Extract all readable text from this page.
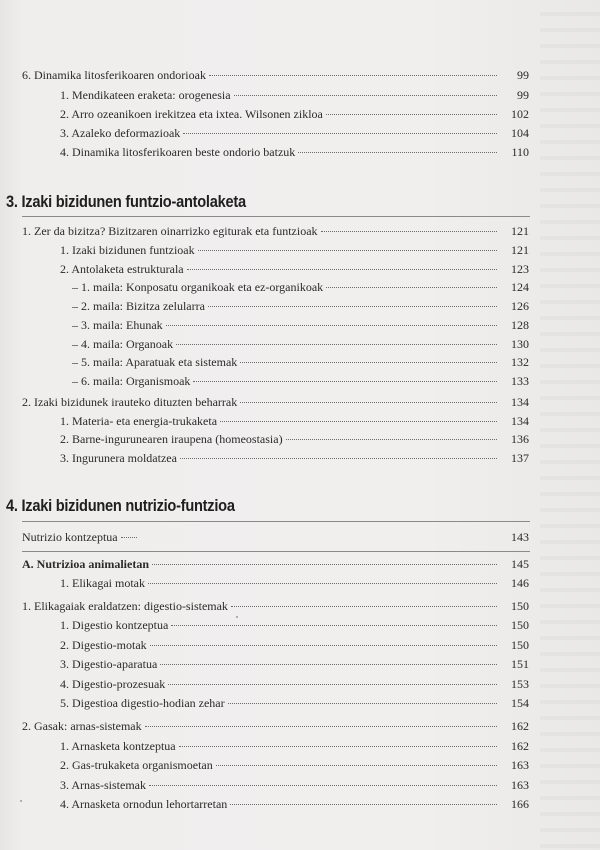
6. Dinamika litosferikoaren ondorioak	99
1. Mendikateen eraketa: orogenesia	99
2. Arro ozeanikoen irekitzea eta ixtea. Wilsonen zikloa	102
3. Azaleko deformazioak	104
4. Dinamika litosferikoaren beste ondorio batzuk	110
3. Izaki bizidunen funtzio-antolaketa
1. Zer da bizitza? Bizitzaren oinarrizko egiturak eta funtzioak	121
1. Izaki bizidunen funtzioak	121
2. Antolaketa estrukturala	123
– 1. maila: Konposatu organikoak eta ez-organikoak	124
– 2. maila: Bizitza zelularra	126
– 3. maila: Ehunak	128
– 4. maila: Organoak	130
– 5. maila: Aparatuak eta sistemak	132
– 6. maila: Organismoak	133
2. Izaki bizidunek irauteko dituzten beharrak	134
1. Materia- eta energia-trukaketa	134
2. Barne-ingurunearen iraupena (homeostasia)	136
3. Ingurunera moldatzea	137
4. Izaki bizidunen nutrizio-funtzioa
Nutrizio kontzeptua	143
A. Nutrizioa animalietan	145
1. Elikagai motak	146
1. Elikagaiak eraldatzen: digestio-sistemak	150
1. Digestio kontzeptua	150
2. Digestio-motak	150
3. Digestio-aparatua	151
4. Digestio-prozesuak	153
5. Digestioa digestio-hodian zehar	154
2. Gasak: arnas-sistemak	162
1. Arnasketa kontzeptua	162
2. Gas-trukaketa organismoetan	163
3. Arnas-sistemak	163
4. Arnasketa ornodun lehortarretan	166
